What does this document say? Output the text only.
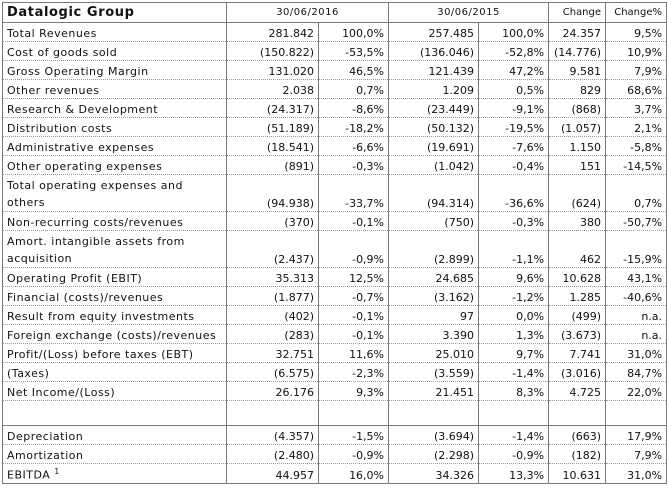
Datalogic Group	30/06/2016		30/06/2015		Change	Change%
Total Revenues	281.842	100,0%	257.485	100,0%	24.357	9,5%
Cost of goods sold	(150.822)	-53,5%	(136.046)	-52,8%	(14.776)	10,9%
Gross Operating Margin	131.020	46,5%	121.439	47,2%	9.581	7,9%
Other revenues	2.038	0,7%	1.209	0,5%	829	68,6%
Research & Development	(24.317)	-8,6%	(23.449)	-9,1%	(868)	3,7%
Distribution costs	(51.189)	-18,2%	(50.132)	-19,5%	(1.057)	2,1%
Administrative expenses	(18.541)	-6,6%	(19.691)	-7,6%	1.150	-5,8%
Other operating expenses	(891)	-0,3%	(1.042)	-0,4%	151	-14,5%
Total operating expenses and others	(94.938)	-33,7%	(94.314)	-36,6%	(624)	0,7%
Non-recurring costs/revenues	(370)	-0,1%	(750)	-0,3%	380	-50,7%
Amort. intangible assets from acquisition	(2.437)	-0,9%	(2.899)	-1,1%	462	-15,9%
Operating Profit (EBIT)	35.313	12,5%	24.685	9,6%	10.628	43,1%
Financial (costs)/revenues	(1.877)	-0,7%	(3.162)	-1,2%	1.285	-40,6%
Result from equity investments	(402)	-0,1%	97	0,0%	(499)	n.a.
Foreign exchange (costs)/revenues	(283)	-0,1%	3.390	1,3%	(3.673)	n.a.
Profit/(Loss) before taxes (EBT)	32.751	11,6%	25.010	9,7%	7.741	31,0%
(Taxes)	(6.575)	-2,3%	(3.559)	-1,4%	(3.016)	84,7%
Net Income/(Loss)	26.176	9,3%	21.451	8,3%	4.725	22,0%

Depreciation	(4.357)	-1,5%	(3.694)	-1,4%	(663)	17,9%
Amortization	(2.480)	-0,9%	(2.298)	-0,9%	(182)	7,9%
EBITDA $^1$	44.957	16,0%	34.326	13,3%	10.631	31,0%
